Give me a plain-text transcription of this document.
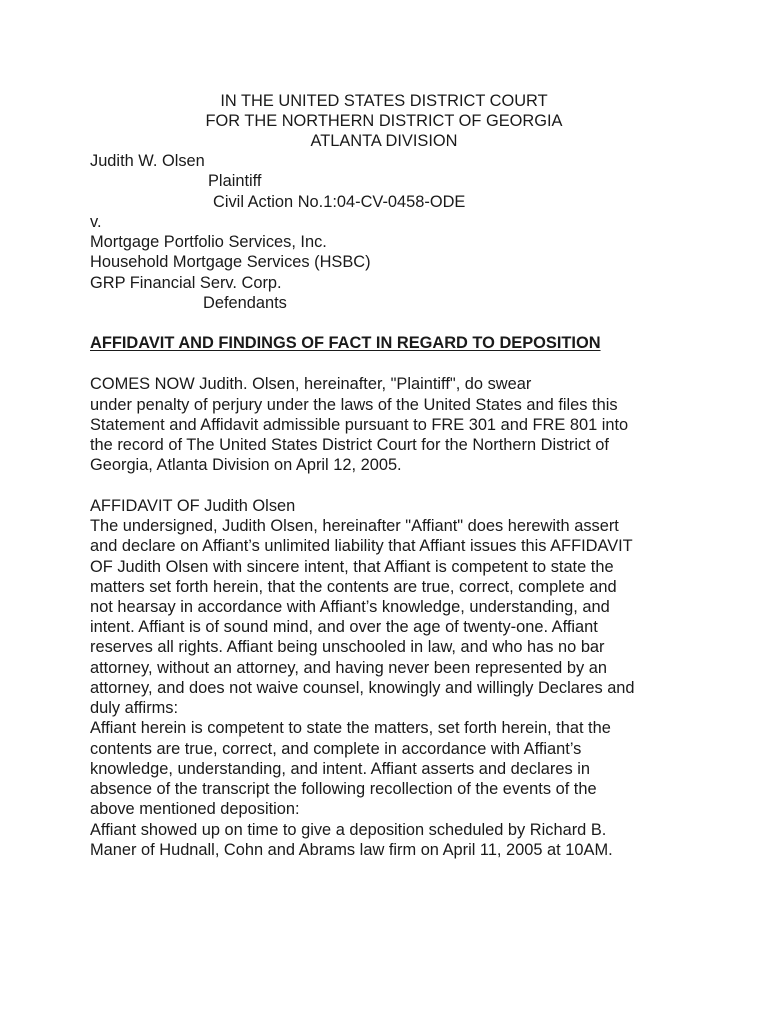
IN THE UNITED STATES DISTRICT COURT
FOR THE NORTHERN DISTRICT OF GEORGIA
ATLANTA DIVISION
Judith W. Olsen
Plaintiff
Civil Action No.1:04-CV-0458-ODE
v.
Mortgage Portfolio Services, Inc.
Household Mortgage Services (HSBC)
GRP Financial Serv. Corp.
Defendants
AFFIDAVIT AND FINDINGS OF FACT IN REGARD TO DEPOSITION
COMES NOW Judith. Olsen, hereinafter, "Plaintiff", do swear
under penalty of perjury under the laws of the United States and files this
Statement and Affidavit admissible pursuant to FRE 301 and FRE 801 into
the record of The United States District Court for the Northern District of
Georgia, Atlanta Division on April 12, 2005.
AFFIDAVIT OF Judith Olsen
The undersigned, Judith Olsen, hereinafter "Affiant" does herewith assert
and declare on Affiant’s unlimited liability that Affiant issues this AFFIDAVIT
OF Judith Olsen with sincere intent, that Affiant is competent to state the
matters set forth herein, that the contents are true, correct, complete and
not hearsay in accordance with Affiant’s knowledge, understanding, and
intent. Affiant is of sound mind, and over the age of twenty-one. Affiant
reserves all rights. Affiant being unschooled in law, and who has no bar
attorney, without an attorney, and having never been represented by an
attorney, and does not waive counsel, knowingly and willingly Declares and
duly affirms:
Affiant herein is competent to state the matters, set forth herein, that the
contents are true, correct, and complete in accordance with Affiant’s
knowledge, understanding, and intent. Affiant asserts and declares in
absence of the transcript the following recollection of the events of the
above mentioned deposition:
Affiant showed up on time to give a deposition scheduled by Richard B.
Maner of Hudnall, Cohn and Abrams law firm on April 11, 2005 at 10AM.
